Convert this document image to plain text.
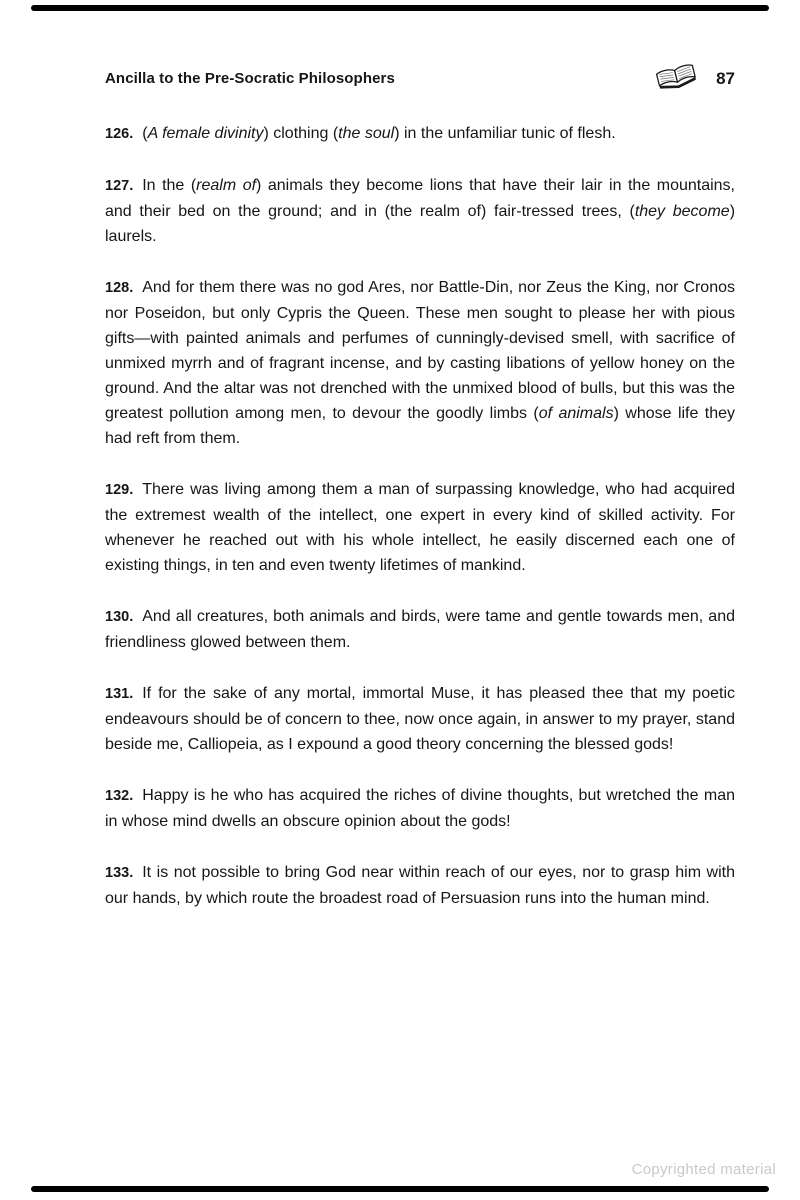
Ancilla to the Pre-Socratic Philosophers	87

126. (A female divinity) clothing (the soul) in the unfamiliar tunic of flesh.

127. In the (realm of) animals they become lions that have their lair in the mountains, and their bed on the ground; and in (the realm of) fair-tressed trees, (they become) laurels.

128. And for them there was no god Ares, nor Battle-Din, nor Zeus the King, nor Cronos nor Poseidon, but only Cypris the Queen. These men sought to please her with pious gifts—with painted animals and perfumes of cunningly-devised smell, with sacrifice of unmixed myrrh and of fragrant incense, and by casting libations of yellow honey on the ground. And the altar was not drenched with the unmixed blood of bulls, but this was the greatest pollution among men, to devour the goodly limbs (of animals) whose life they had reft from them.

129. There was living among them a man of surpassing knowledge, who had acquired the extremest wealth of the intellect, one expert in every kind of skilled activity. For whenever he reached out with his whole intellect, he easily discerned each one of existing things, in ten and even twenty lifetimes of mankind.

130. And all creatures, both animals and birds, were tame and gentle towards men, and friendliness glowed between them.

131. If for the sake of any mortal, immortal Muse, it has pleased thee that my poetic endeavours should be of concern to thee, now once again, in answer to my prayer, stand beside me, Calliopeia, as I expound a good theory concerning the blessed gods!

132. Happy is he who has acquired the riches of divine thoughts, but wretched the man in whose mind dwells an obscure opinion about the gods!

133. It is not possible to bring God near within reach of our eyes, nor to grasp him with our hands, by which route the broadest road of Persuasion runs into the human mind.

Copyrighted material
